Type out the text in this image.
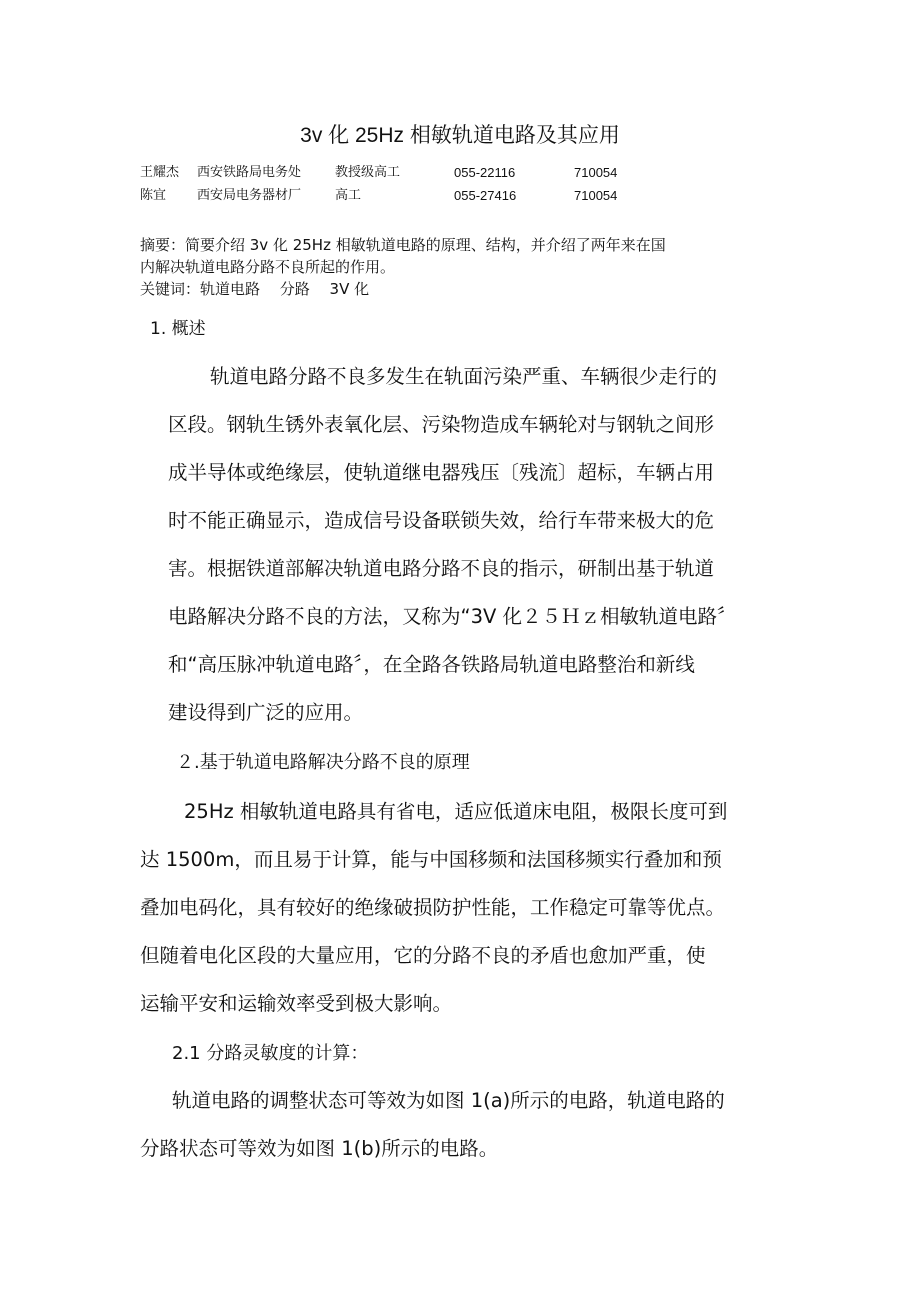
3v 化 25Hz 相敏轨道电路及其应用
王耀杰 西安铁路局电务处	教授级高工	055-22116	710054
陈宜 西安局电务器材厂	高工	055-27416	710054
摘要：简要介绍 3v 化 25Hz 相敏轨道电路的原理、结构，并介绍了两年来在国
内解决轨道电路分路不良所起的作用。
关键词：轨道电路　 分路　 3V 化
1. 概述
轨道电路分路不良多发生在轨面污染严重、车辆很少走行的
区段。钢轨生锈外表氧化层、污染物造成车辆轮对与钢轨之间形
成半导体或绝缘层，使轨道继电器残压〔残流〕超标，车辆占用
时不能正确显示，造成信号设备联锁失效，给行车带来极大的危
害。根据铁道部解决轨道电路分路不良的指示，研制出基于轨道
电路解决分路不良的方法，又称为“3V 化２５Ｈｚ相敏轨道电路〞
和“高压脉冲轨道电路〞，在全路各铁路局轨道电路整治和新线
建设得到广泛的应用。
２.基于轨道电路解决分路不良的原理
25Hz 相敏轨道电路具有省电，适应低道床电阻，极限长度可到
达 1500m，而且易于计算，能与中国移频和法国移频实行叠加和预
叠加电码化，具有较好的绝缘破损防护性能，工作稳定可靠等优点。
但随着电化区段的大量应用，它的分路不良的矛盾也愈加严重，使
运输平安和运输效率受到极大影响。
2.1 分路灵敏度的计算：
轨道电路的调整状态可等效为如图 1(a)所示的电路，轨道电路的
分路状态可等效为如图 1(b)所示的电路。
